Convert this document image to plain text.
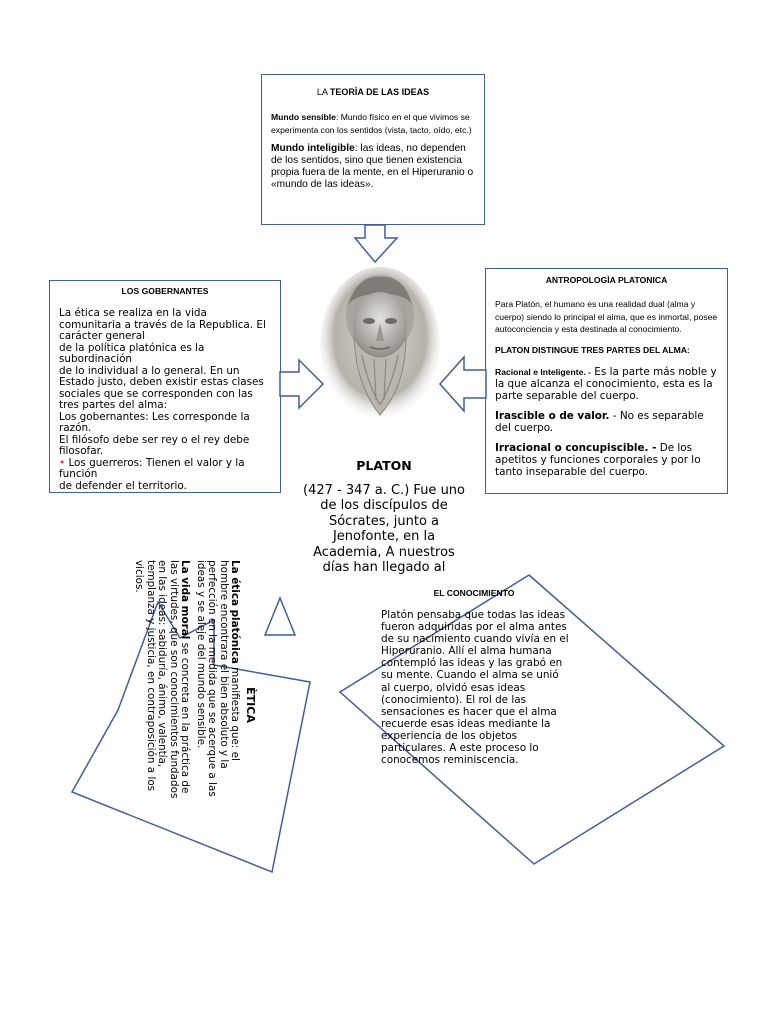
LA TEORÌA DE LAS IDEAS

Mundo sensible: Mundo físico en el que vivimos se experimenta con los sentidos (vista, tacto, oído, etc.)

Mundo inteligible: las ideas, no dependen de los sentidos, sino que tienen existencia propia fuera de la mente, en el Hiperuranio o «mundo de las ideas».

LOS GOBERNANTES

La ética se realiza en la vida
comunitaria a través de la Republica. El
carácter general
de la política platónica es la
subordinación
de lo individual a lo general. En un
Estado justo, deben existir estas clases
sociales que se corresponden con las
tres partes del alma:
Los gobernantes: Les corresponde la
razón.
El filósofo debe ser rey o el rey debe
filosofar.
• Los guerreros: Tienen el valor y la
función
de defender el territorio.

ANTROPOLOGÌA PLATONICA

Para Platón, el humano es una realidad dual (alma y cuerpo) siendo lo principal el alma, que es inmortal, posee autoconciencia y esta destinada al conocimiento.

PLATON DISTINGUE TRES PARTES DEL ALMA:

Racional e Inteligente. - Es la parte más noble y la que alcanza el conocimiento, esta es la parte separable del cuerpo.

Irascible o de valor. - No es separable del cuerpo.

Irracional o concupiscible. - De los apetitos y funciones corporales y por lo tanto inseparable del cuerpo.

PLATON

(427 - 347 a. C.) Fue uno de los discípulos de Sócrates, junto a Jenofonte, en la Academia, A nuestros días han llegado al

EL CONOCIMIENTO

Platón pensaba que todas las ideas fueron adquiridas por el alma antes de su nacimiento cuando vivía en el Hiperuranio. Allí el alma humana contempló las ideas y las grabó en su mente. Cuando el alma se unió al cuerpo, olvidó esas ideas (conocimiento). El rol de las sensaciones es hacer que el alma recuerde esas ideas mediante la experiencia de los objetos particulares. A este proceso lo conocemos reminiscencia.

ÈTICA

La ética platónica manifiesta que: el hombre encontrara el bien absoluto y la perfección en la medida que se acerque a las ideas y se aleje del mundo sensible.

La vida moral se concreta en la práctica de las virtudes, que son conocimientos fundados en las ideas: sabiduría, ánimo, valentía, templanza y justicia, en contraposición a los vicios.
